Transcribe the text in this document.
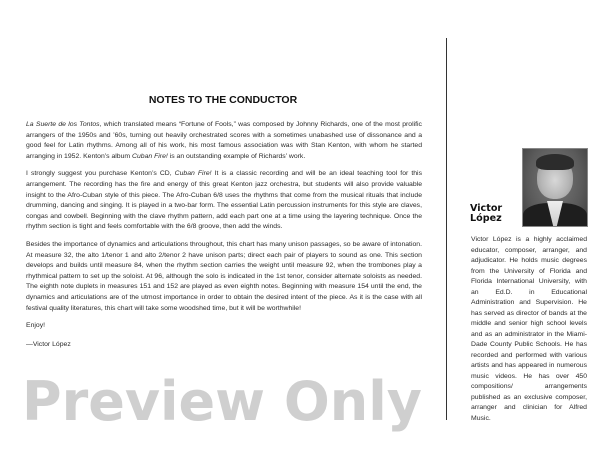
NOTES TO THE CONDUCTOR

La Suerte de los Tontos, which translated means “Fortune of Fools,” was composed by Johnny Richards, one of the most prolific arrangers of the 1950s and ’60s, turning out heavily orchestrated scores with a sometimes unabashed use of dissonance and a good feel for Latin rhythms. Among all of his work, his most famous association was with Stan Kenton, with whom he started arranging in 1952. Kenton’s album Cuban Fire! is an outstanding example of Richards’ work.

I strongly suggest you purchase Kenton’s CD, Cuban Fire! It is a classic recording and will be an ideal teaching tool for this arrangement. The recording has the fire and energy of this great Kenton jazz orchestra, but students will also provide valuable insight to the Afro-Cuban style of this piece. The Afro-Cuban 6/8 uses the rhythms that come from the musical rituals that include drumming, dancing and singing. It is played in a two-bar form. The essential Latin percussion instruments for this style are claves, congas and cowbell. Beginning with the clave rhythm pattern, add each part one at a time using the layering technique. Once the rhythm section is tight and feels comfortable with the 6/8 groove, then add the winds.

Besides the importance of dynamics and articulations throughout, this chart has many unison passages, so be aware of intonation. At measure 32, the alto 1/tenor 1 and alto 2/tenor 2 have unison parts; direct each pair of players to sound as one. This section develops and builds until measure 84, when the rhythm section carries the weight until measure 92, when the trombones play a rhythmical pattern to set up the soloist. At 96, although the solo is indicated in the 1st tenor, consider alternate soloists as needed. The eighth note duplets in measures 151 and 152 are played as even eighth notes. Beginning with measure 154 until the end, the dynamics and articulations are of the utmost importance in order to obtain the desired intent of the piece. As it is the case with all festival quality literatures, this chart will take some woodshed time, but it will be worthwhile!

Enjoy!

—Victor López

Victor
López
Victor López is a highly acclaimed educator, composer, arranger, and adjudicator. He holds music degrees from the University of Florida and Florida International University, with an Ed.D. in Educational Administration and Supervision. He has served as director of bands at the middle and senior high school levels and as an administrator in the Miami-Dade County Public Schools. He has recorded and performed with various artists and has appeared in numerous music videos. He has over 450 compositions/ arrangements published as an exclusive composer, arranger and clinician for Alfred Music.
Preview Only
